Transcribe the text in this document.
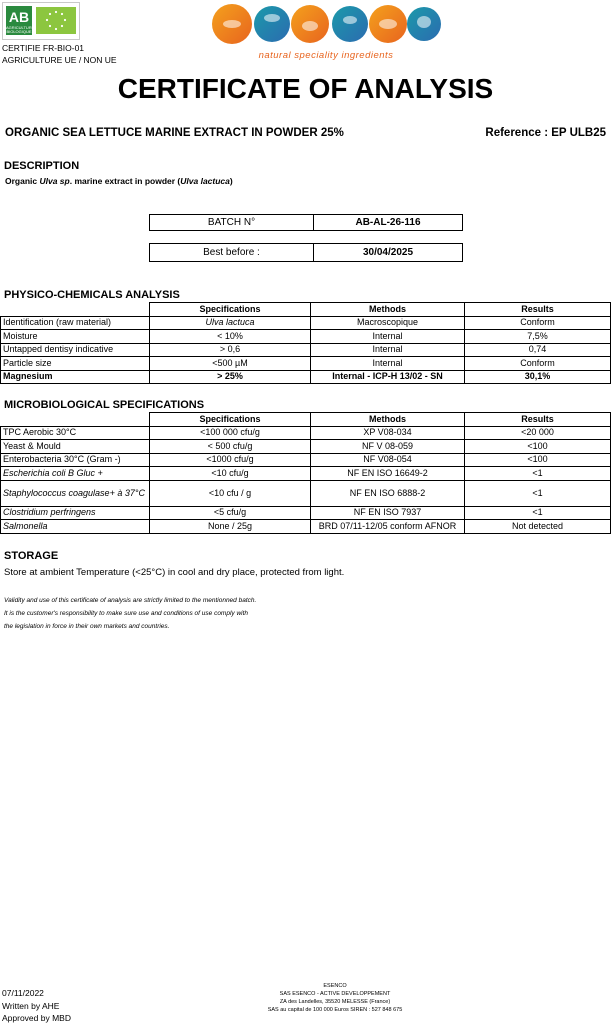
AB
AGRICULTURE BIOLOGIQUE
CERTIFIE FR-BIO-01
AGRICULTURE UE / NON UE	natural speciality ingredients
CERTIFICATE OF ANALYSIS
ORGANIC SEA LETTUCE MARINE EXTRACT IN POWDER 25%	Reference : EP ULB25
DESCRIPTION
Organic Ulva sp. marine extract in powder (Ulva lactuca)
BATCH N°	AB-AL-26-116
Best before :	30/04/2025
PHYSICO-CHEMICALS ANALYSIS
	Specifications	Methods	Results
Identification (raw material)	Ulva lactuca	Macroscopique	Conform
Moisture	< 10%	Internal	7,5%
Untapped dentisy indicative	> 0,6	Internal	0,74
Particle size	<500 µM	Internal	Conform
Magnesium	> 25%	Internal - ICP-H 13/02 - SN	30,1%
MICROBIOLOGICAL SPECIFICATIONS
	Specifications	Methods	Results
TPC Aerobic 30°C	<100 000 cfu/g	XP V08-034	<20 000
Yeast & Mould	< 500 cfu/g	NF V 08-059	<100
Enterobacteria 30°C (Gram -)	<1000 cfu/g	NF V08-054	<100
Escherichia coli B Gluc +	<10 cfu/g	NF EN ISO 16649-2	<1
Staphylococcus coagulase+ à 37°C	<10 cfu / g	NF EN ISO 6888-2	<1
Clostridium perfringens	<5 cfu/g	NF EN ISO 7937	<1
Salmonella	None / 25g	BRD 07/11-12/05 conform AFNOR	Not detected
STORAGE
Store at ambient Temperature (<25°C) in cool and dry place, protected from light.
Validity and use of this certificate of analysis are strictly limited to the mentionned batch.
It is the customer's responsibility to make sure use and conditions of use comply with
the legislation in force in their own markets and countries.
07/11/2022
Written by AHE
Approved by MBD
ESENCO
SAS ESENCO - ACTIVE DEVELOPPEMENT
ZA des Landelles, 35520 MELESSE (France)
SAS au capital de 100 000 Euros SIREN : 527 848 675
